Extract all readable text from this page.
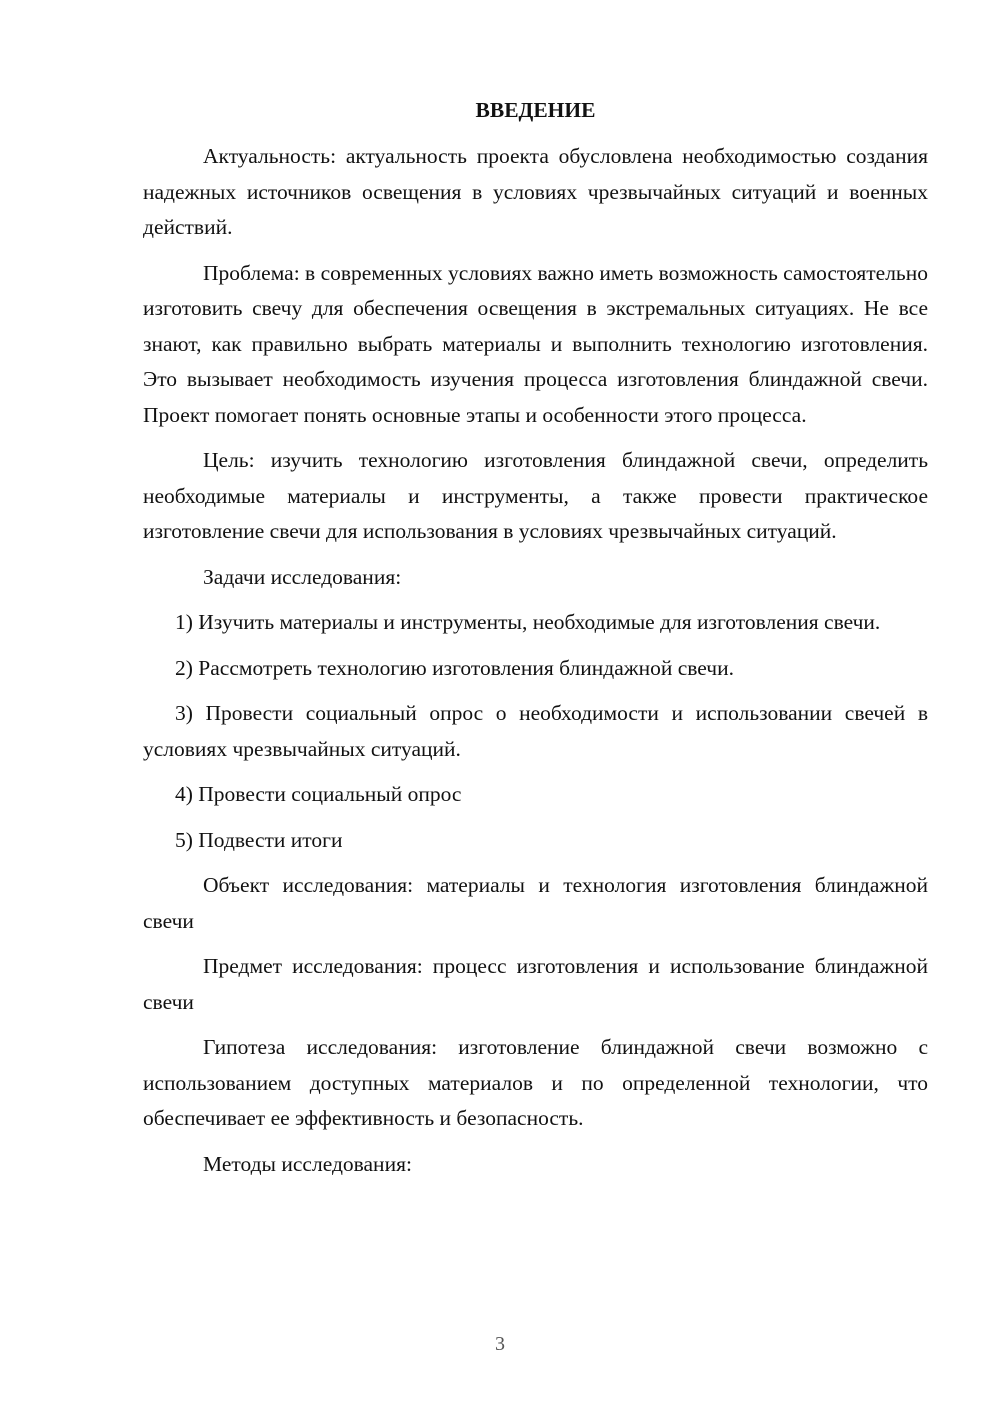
ВВЕДЕНИЕ

Актуальность: актуальность проекта обусловлена необходимостью создания надежных источников освещения в условиях чрезвычайных ситуаций и военных действий.

Проблема: в современных условиях важно иметь возможность самостоятельно изготовить свечу для обеспечения освещения в экстремальных ситуациях. Не все знают, как правильно выбрать материалы и выполнить технологию изготовления. Это вызывает необходимость изучения процесса изготовления блиндажной свечи. Проект помогает понять основные этапы и особенности этого процесса.

Цель: изучить технологию изготовления блиндажной свечи, определить необходимые материалы и инструменты, а также провести практическое изготовление свечи для использования в условиях чрезвычайных ситуаций.

Задачи исследования:

1) Изучить материалы и инструменты, необходимые для изготовления свечи.

2) Рассмотреть технологию изготовления блиндажной свечи.

3) Провести социальный опрос о необходимости и использовании свечей в условиях чрезвычайных ситуаций.

4) Провести социальный опрос

5) Подвести итоги

Объект исследования: материалы и технология изготовления блиндажной свечи

Предмет исследования: процесс изготовления и использование блиндажной свечи

Гипотеза исследования: изготовление блиндажной свечи возможно с использованием доступных материалов и по определенной технологии, что обеспечивает ее эффективность и безопасность.

Методы исследования:

3
